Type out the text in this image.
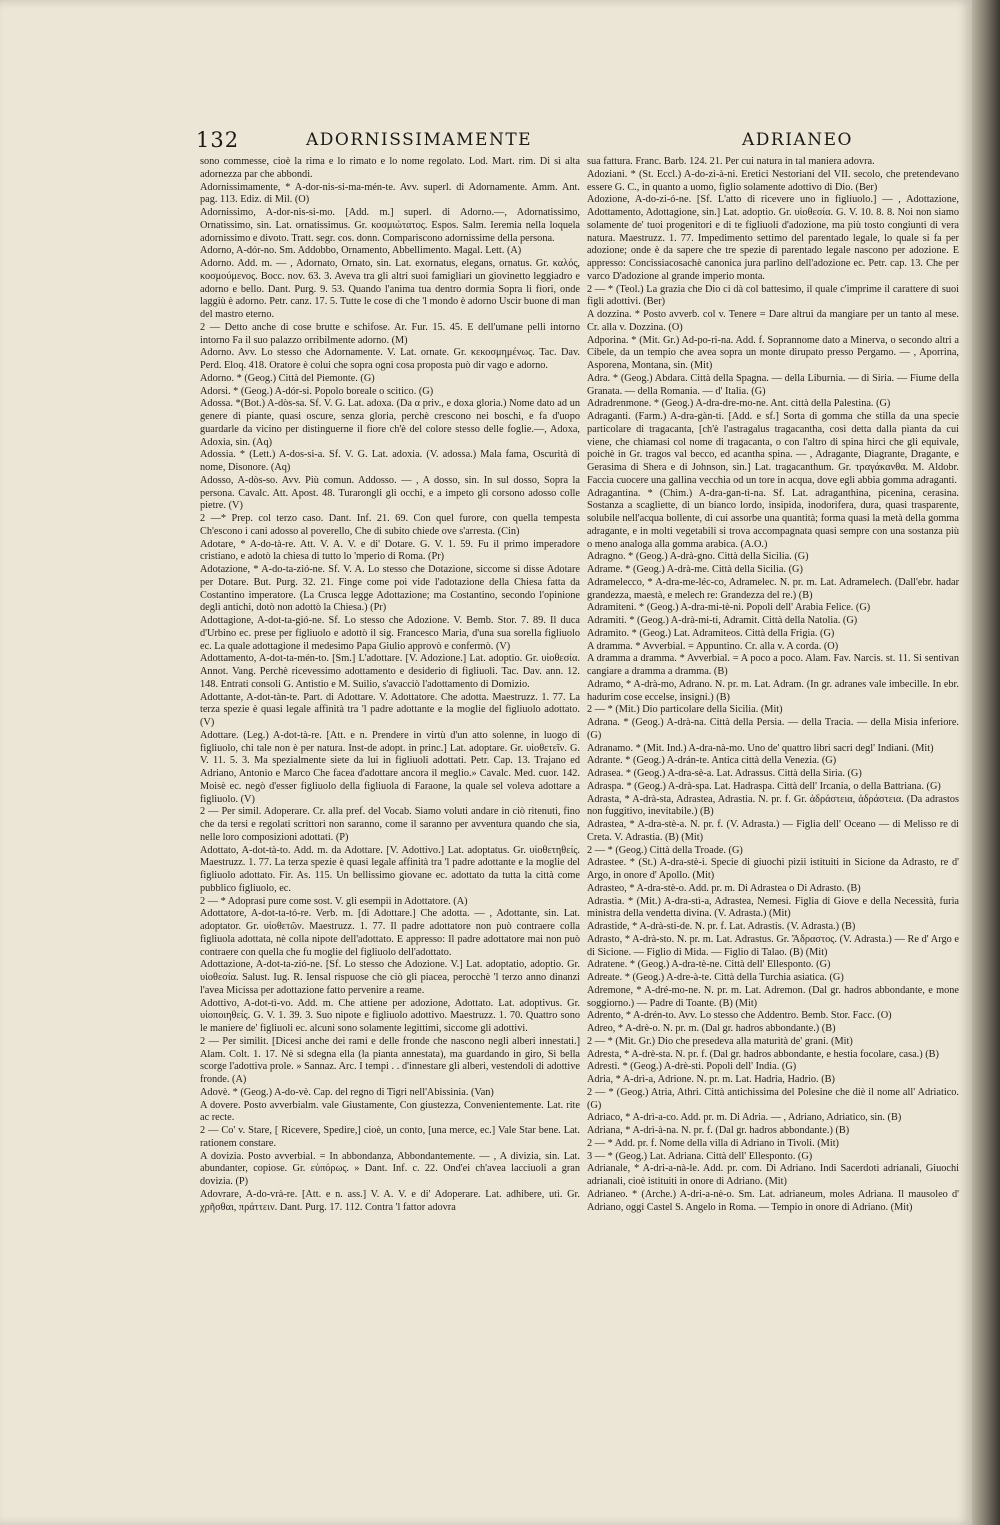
132	ADORNISSIMAMENTE	ADRIANEO

sono commesse, cioè la rima e lo rimato e lo nome regolato. Lod. Mart. rim. Di sì alta adornezza par che abbondi.

Adornissimamente, * A-dor-nis-si-ma-mén-te. Avv. superl. di Adornamente. Amm. Ant. pag. 113. Ediz. di Mil. (O)

Adornissimo, A-dor-nis-si-mo. [Add. m.] superl. di Adorno.—, Adornatissimo, Ornatissimo, sin. Lat. ornatissimus. Gr. κοσμιώτατος. Espos. Salm. Ieremia nella loquela adornissimo e divoto. Tratt. segr. cos. donn. Compariscono adornissime della persona.

Adorno, A-dór-no. Sm. Addobbo, Ornamento, Abbellimento. Magal. Lett. (A)

Adorno. Add. m. — , Adornato, Ornato, sin. Lat. exornatus, elegans, ornatus. Gr. καλός, κοσμούμενος. Bocc. nov. 63. 3. Aveva tra gli altri suoi famigliari un giovinetto leggiadro e adorno e bello. Dant. Purg. 9. 53. Quando l'anima tua dentro dormia Sopra li fiori, onde laggiù è adorno. Petr. canz. 17. 5. Tutte le cose di che 'l mondo è adorno Uscir buone di man del mastro eterno.

2 — Detto anche di cose brutte e schifose. Ar. Fur. 15. 45. E dell'umane pelli intorno intorno Fa il suo palazzo orribilmente adorno. (M)

Adorno. Avv. Lo stesso che Adornamente. V. Lat. ornate. Gr. κεκοσμημένως. Tac. Dav. Perd. Eloq. 418. Oratore è colui che sopra ogni cosa proposta può dir vago e adorno.

Adorno. * (Geog.) Città del Piemonte. (G)

Adorsi. * (Geog.) A-dór-si. Popolo boreale o scitico. (G)

Adossa. *(Bot.) A-dòs-sa. Sf. V. G. Lat. adoxa. (Da α priv., e doxa gloria.) Nome dato ad un genere di piante, quasi oscure, senza gloria, perchè crescono nei boschi, e fa d'uopo guardarle da vicino per distinguerne il fiore ch'è del colore stesso delle foglie.—, Adoxa, Adoxia, sin. (Aq)

Adossia. * (Lett.) A-dos-si-a. Sf. V. G. Lat. adoxia. (V. adossa.) Mala fama, Oscurità di nome, Disonore. (Aq)

Adosso, A-dòs-so. Avv. Più comun. Addosso. — , A dosso, sin. In sul dosso, Sopra la persona. Cavalc. Att. Apost. 48. Turarongli gli occhi, e a impeto gli corsono adosso colle pietre. (V)

2 —* Prep. col terzo caso. Dant. Inf. 21. 69. Con quel furore, con quella tempesta Ch'escono i cani adosso al poverello, Che di subito chiede ove s'arresta. (Cin)

Adotare, * A-do-tà-re. Att. V. A. V. e di' Dotare. G. V. 1. 59. Fu il primo imperadore cristiano, e adotò la chiesa di tutto lo 'mperio di Roma. (Pr)

Adotazione, * A-do-ta-zió-ne. Sf. V. A. Lo stesso che Dotazione, siccome si disse Adotare per Dotare. But. Purg. 32. 21. Finge come poi vide l'adotazione della Chiesa fatta da Costantino imperatore. (La Crusca legge Adottazione; ma Costantino, secondo l'opinione degli antichi, dotò non adottò la Chiesa.) (Pr)

Adottagione, A-dot-ta-gió-ne. Sf. Lo stesso che Adozione. V. Bemb. Stor. 7. 89. Il duca d'Urbino ec. prese per figliuolo e adottò il sig. Francesco Maria, d'una sua sorella figliuolo ec. La quale adottagione il medesimo Papa Giulio approvò e confermò. (V)

Adottamento, A-dot-ta-mén-to. [Sm.] L'adottare. [V. Adozione.] Lat. adoptio. Gr. υἱοθεσία. Annot. Vang. Perchè ricevessimo adottamento e desiderio di figliuoli. Tac. Dav. ann. 12. 148. Entrati consoli G. Antistio e M. Suilio, s'avacciò l'adottamento di Domizio.

Adottante, A-dot-tàn-te. Part. di Adottare. V. Adottatore. Che adotta. Maestruzz. 1. 77. La terza spezie è quasi legale affinità tra 'l padre adottante e la moglie del figliuolo adottato. (V)

Adottare. (Leg.) A-dot-tà-re. [Att. e n. Prendere in virtù d'un atto solenne, in luogo di figliuolo, chi tale non è per natura. Inst-de adopt. in princ.] Lat. adoptare. Gr. υἱοθετεῖν. G. V. 11. 5. 3. Ma spezialmente siete da lui in figliuoli adottati. Petr. Cap. 13. Trajano ed Adriano, Antonio e Marco Che facea d'adottare ancora il meglio.» Cavalc. Med. cuor. 142. Moisè ec. negò d'esser figliuolo della figliuola di Faraone, la quale sel voleva adottare a figliuolo. (V)

2 — Per simil. Adoperare. Cr. alla pref. del Vocab. Siamo voluti andare in ciò ritenuti, fino che da tersi e regolati scrittori non saranno, come il saranno per avventura quando che sia, nelle loro composizioni adottati. (P)

Adottato, A-dot-tà-to. Add. m. da Adottare. [V. Adottivo.] Lat. adoptatus. Gr. υἱοθετηθείς. Maestruzz. 1. 77. La terza spezie è quasi legale affinità tra 'l padre adottante e la moglie del figliuolo adottato. Fir. As. 115. Un bellissimo giovane ec. adottato da tutta la città come pubblico figliuolo, ec.

2 — * Adoprasi pure come sost. V. gli esempii in Adottatore. (A)

Adottatore, A-dot-ta-tó-re. Verb. m. [di Adottare.] Che adotta. — , Adottante, sin. Lat. adoptator. Gr. υἱοθετῶν. Maestruzz. 1. 77. Il padre adottatore non può contraere colla figliuola adottata, nè colla nipote dell'adottato. E appresso: Il padre adottatore mai non può contraere con quella che fu moglie del figliuolo dell'adottato.

Adottazione, A-dot-ta-zió-ne. [Sf. Lo stesso che Adozione. V.] Lat. adoptatio, adoptio. Gr. υἱοθεσία. Salust. Iug. R. Iensal rispuose che ciò gli piacea, perocchè 'l terzo anno dinanzi l'avea Micissa per adottazione fatto pervenire a reame.

Adottivo, A-dot-tì-vo. Add. m. Che attiene per adozione, Adottato. Lat. adoptivus. Gr. υἱοποιηθείς. G. V. 1. 39. 3. Suo nipote e figliuolo adottivo. Maestruzz. 1. 70. Quattro sono le maniere de' figliuoli ec. alcuni sono solamente legittimi, siccome gli adottivi.

2 — Per similit. [Dicesi anche dei rami e delle fronde che nascono negli alberi innestati.] Alam. Colt. 1. 17. Nè si sdegna ella (la pianta annestata), ma guardando in giro, Si bella scorge l'adottiva prole. » Sannaz. Arc. I tempi . . d'innestare gli alberi, vestendoli di adottive fronde. (A)

Adovè. * (Geog.) A-do-vè. Cap. del regno di Tigri nell'Abissinia. (Van)

A dovere. Posto avverbialm. vale Giustamente, Con giustezza, Convenientemente. Lat. rite ac recte.

2 — Co' v. Stare, [ Ricevere, Spedire,] cioè, un conto, [una merce, ec.] Vale Star bene. Lat. rationem constare.

A dovizia. Posto avverbial. = In abbondanza, Abbondantemente. — , A divizia, sin. Lat. abundanter, copiose. Gr. εὐπόρως. » Dant. Inf. c. 22. Ond'ei ch'avea lacciuoli a gran dovizia. (P)

Adovrare, A-do-vrà-re. [Att. e n. ass.] V. A. V. e di' Adoperare. Lat. adhibere, uti. Gr. χρῆσθαι, πράττειν. Dant. Purg. 17. 112. Contra 'l fattor adovra

sua fattura. Franc. Barb. 124. 21. Per cui natura in tal maniera adovra.

Adoziani. * (St. Eccl.) A-do-zi-à-ni. Eretici Nestoriani del VII. secolo, che pretendevano essere G. C., in quanto a uomo, figlio solamente adottivo di Dio. (Ber)

Adozione, A-do-zi-ó-ne. [Sf. L'atto di ricevere uno in figliuolo.] — , Adottazione, Adottamento, Adottagione, sin.] Lat. adoptio. Gr. υἱοθεσία. G. V. 10. 8. 8. Noi non siamo solamente de' tuoi progenitori e di te figliuoli d'adozione, ma più tosto congiunti di vera natura. Maestruzz. 1. 77. Impedimento settimo del parentado legale, lo quale si fa per adozione; onde è da sapere che tre spezie di parentado legale nascono per adozione. E appresso: Concissiacosachè canonica jura parlino dell'adozione ec. Petr. cap. 13. Che per varco D'adozione al grande imperio monta.

2 — * (Teol.) La grazia che Dio ci dà col battesimo, il quale c'imprime il carattere di suoi figli adottivi. (Ber)

A dozzina. * Posto avverb. col v. Tenere = Dare altrui da mangiare per un tanto al mese. Cr. alla v. Dozzina. (O)

Adporina. * (Mit. Gr.) Ad-po-ri-na. Add. f. Soprannome dato a Minerva, o secondo altri a Cibele, da un tempio che avea sopra un monte dirupato presso Pergamo. — , Aporrina, Asporena, Montana, sin. (Mit)

Adra. * (Geog.) Abdara. Città della Spagna. — della Liburnia. — di Siria. — Fiume della Granata. — della Romania. — d' Italia. (G)

Adradrenmone. * (Geog.) A-dra-dre-mo-ne. Ant. città della Palestina. (G)

Adraganti. (Farm.) A-dra-gàn-ti. [Add. e sf.] Sorta di gomma che stilla da una specie particolare di tragacanta, [ch'è l'astragalus tragacantha, così detta dalla pianta da cui viene, che chiamasi col nome di tragacanta, o con l'altro di spina hirci che gli equivale, poichè in Gr. tragos val becco, ed acantha spina. — , Adragante, Diagrante, Dragante, e Gerasima di Shera e di Johnson, sin.] Lat. tragacanthum. Gr. τραγάκανθα. M. Aldobr. Faccia cuocere una gallina vecchia od un tore in acqua, dove egli abbia gomma adraganti.

Adragantina. * (Chim.) A-dra-gan-tì-na. Sf. Lat. adraganthina, picenina, cerasina. Sostanza a scagliette, di un bianco lordo, insipida, inodorifera, dura, quasi trasparente, solubile nell'acqua bollente, di cui assorbe una quantità; forma quasi la metà della gomma adragante, e in molti vegetabili si trova accompagnata quasi sempre con una sostanza più o meno analoga alla gomma arabica. (A.O.)

Adragno. * (Geog.) A-drà-gno. Città della Sicilia. (G)

Adrame. * (Geog.) A-drà-me. Città della Sicilia. (G)

Adramelecco, * A-dra-me-léc-co, Adramelec. N. pr. m. Lat. Adramelech. (Dall'ebr. hadar grandezza, maestà, e melech re: Grandezza del re.) (B)

Adramiteni. * (Geog.) A-dra-mi-tè-ni. Popoli dell' Arabia Felice. (G)

Adramiti. * (Geog.) A-drà-mi-ti, Adramit. Città della Natolia. (G)

Adramito. * (Geog.) Lat. Adramiteos. Città della Frigia. (G)

A dramma. * Avverbial. = Appuntino. Cr. alla v. A corda. (O)

A dramma a dramma. * Avverbial. = A poco a poco. Alam. Fav. Narcis. st. 11. Si sentivan cangiare a dramma a dramma. (B)

Adramo, * A-drà-mo, Adrano. N. pr. m. Lat. Adram. (In gr. adranes vale imbecille. In ebr. hadurim cose eccelse, insigni.) (B)

2 — * (Mit.) Dio particolare della Sicilia. (Mit)

Adrana. * (Geog.) A-drà-na. Città della Persia. — della Tracia. — della Misia inferiore. (G)

Adranamo. * (Mit. Ind.) A-dra-nà-mo. Uno de' quattro libri sacri degl' Indiani. (Mit)

Adrante. * (Geog.) A-drán-te. Antica città della Venezia. (G)

Adrasea. * (Geog.) A-dra-sè-a. Lat. Adrassus. Città della Siria. (G)

Adraspa. * (Geog.) A-drà-spa. Lat. Hadraspa. Città dell' Ircania, o della Battriana. (G)

Adrasta, * A-drà-sta, Adrastea, Adrastia. N. pr. f. Gr. ἀδράστεια, ἀδράστεια. (Da adrastos non fuggitivo, inevitabile.) (B)

Adrastea, * A-dra-stè-a. N. pr. f. (V. Adrasta.) — Figlia dell' Oceano — di Melisso re di Creta. V. Adrastia. (B) (Mit)

2 — * (Geog.) Città della Troade. (G)

Adrastee. * (St.) A-dra-stè-i. Specie di giuochi pizii istituiti in Sicione da Adrasto, re d' Argo, in onore d' Apollo. (Mit)

Adrasteo, * A-dra-stè-o. Add. pr. m. Di Adrastea o Di Adrasto. (B)

Adrastìa. * (Mit.) A-dra-stì-a, Adrastea, Nemesi. Figlia di Giove e della Necessità, furia ministra della vendetta divina. (V. Adrasta.) (Mit)

Adrastide, * A-drà-sti-de. N. pr. f. Lat. Adrastis. (V. Adrasta.) (B)

Adrasto, * A-drà-sto. N. pr. m. Lat. Adrastus. Gr. Ἄδραστος. (V. Adrasta.) — Re d' Argo e di Sicione. — Figlio di Mida. — Figlio di Talao. (B) (Mit)

Adratene. * (Geog.) A-dra-tè-ne. Città dell' Ellesponto. (G)

Adreate. * (Geog.) A-dre-à-te. Città della Turchia asiatica. (G)

Adremone, * A-dré-mo-ne. N. pr. m. Lat. Adremon. (Dal gr. hadros abbondante, e mone soggiorno.) — Padre di Toante. (B) (Mit)

Adrento, * A-drén-to. Avv. Lo stesso che Addentro. Bemb. Stor. Facc. (O)

Adreo, * A-drè-o. N. pr. m. (Dal gr. hadros abbondante.) (B)

2 — * (Mit. Gr.) Dio che presedeva alla maturità de' grani. (Mit)

Adresta, * A-drè-sta. N. pr. f. (Dal gr. hadros abbondante, e hestia focolare, casa.) (B)

Adresti. * (Geog.) A-drè-sti. Popoli dell' India. (G)

Adria, * A-drì-a, Adrione. N. pr. m. Lat. Hadria, Hadrio. (B)

2 — * (Geog.) Atria, Athri. Città antichissima del Polesine che diè il nome all' Adriatico. (G)

Adriaco, * A-drì-a-co. Add. pr. m. Di Adria. — , Adriano, Adriatico, sin. (B)

Adriana, * A-drì-à-na. N. pr. f. (Dal gr. hadros abbondante.) (B)

2 — * Add. pr. f. Nome della villa di Adriano in Tivoli. (Mit)

3 — * (Geog.) Lat. Adriana. Città dell' Ellesponto. (G)

Adrianale, * A-dri-a-nà-le. Add. pr. com. Di Adriano. Indi Sacerdoti adrianali, Giuochi adrianali, cioè istituiti in onore di Adriano. (Mit)

Adrianeo. * (Arche.) A-dri-a-nè-o. Sm. Lat. adrianeum, moles Adriana. Il mausoleo d' Adriano, oggi Castel S. Angelo in Roma. — Tempio in onore di Adriano. (Mit)
